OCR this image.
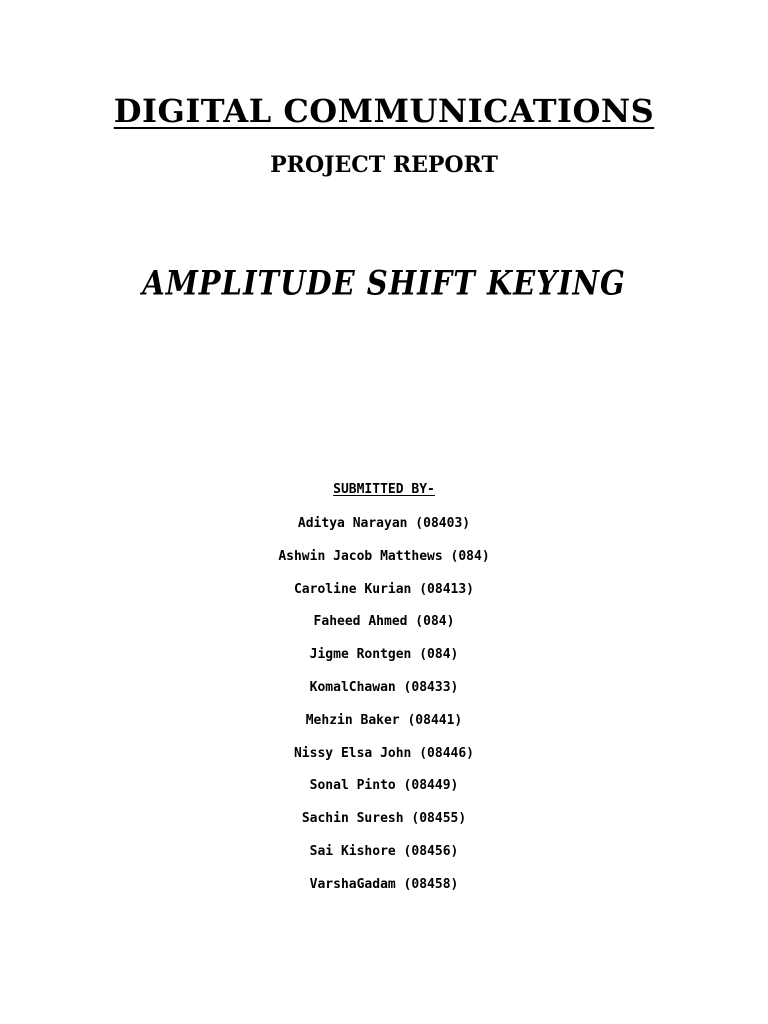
DIGITAL COMMUNICATIONS
PROJECT REPORT
AMPLITUDE SHIFT KEYING
SUBMITTED BY-
Aditya Narayan (08403)
Ashwin Jacob Matthews (084)
Caroline Kurian (08413)
Faheed Ahmed (084)
Jigme Rontgen (084)
KomalChawan (08433)
Mehzin Baker (08441)
Nissy Elsa John (08446)
Sonal Pinto (08449)
Sachin Suresh (08455)
Sai Kishore (08456)
VarshaGadam (08458)
